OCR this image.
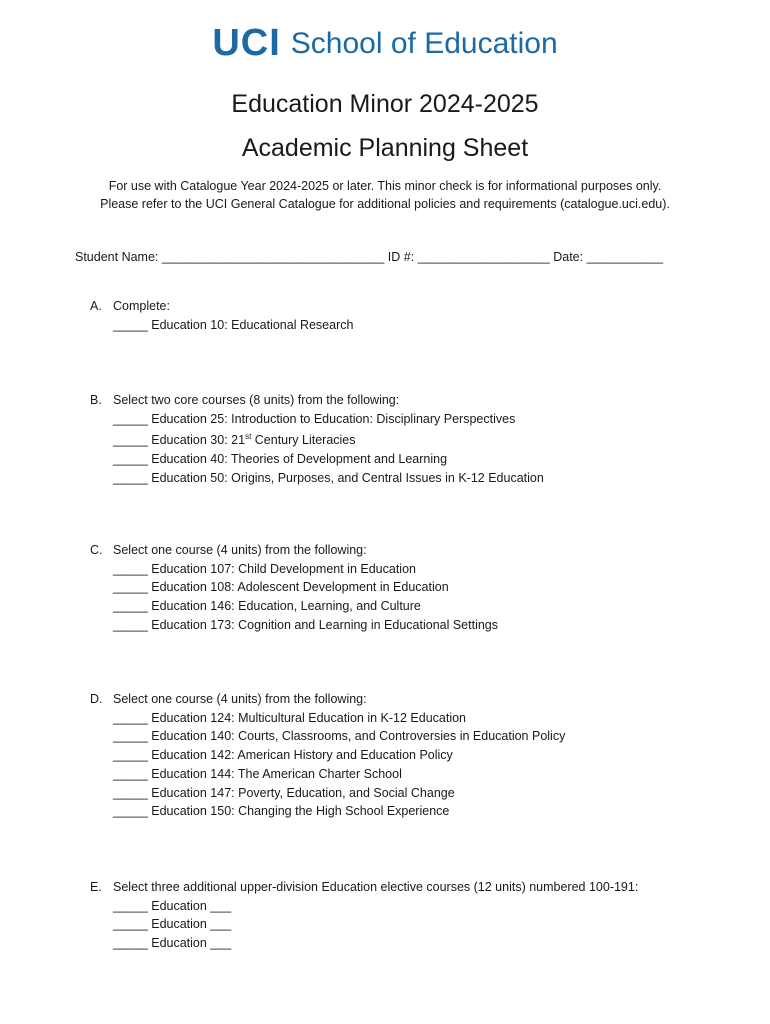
UCI School of Education
Education Minor 2024-2025
Academic Planning Sheet
For use with Catalogue Year 2024-2025 or later. This minor check is for informational purposes only.
Please refer to the UCI General Catalogue for additional policies and requirements (catalogue.uci.edu).
Student Name: ________________________________ ID #: ___________________ Date: ___________
A. Complete:
_____ Education 10: Educational Research
B. Select two core courses (8 units) from the following:
_____ Education 25: Introduction to Education: Disciplinary Perspectives
_____ Education 30: 21st Century Literacies
_____ Education 40: Theories of Development and Learning
_____ Education 50: Origins, Purposes, and Central Issues in K-12 Education
C. Select one course (4 units) from the following:
_____ Education 107: Child Development in Education
_____ Education 108: Adolescent Development in Education
_____ Education 146: Education, Learning, and Culture
_____ Education 173: Cognition and Learning in Educational Settings
D. Select one course (4 units) from the following:
_____ Education 124: Multicultural Education in K-12 Education
_____ Education 140: Courts, Classrooms, and Controversies in Education Policy
_____ Education 142: American History and Education Policy
_____ Education 144: The American Charter School
_____ Education 147: Poverty, Education, and Social Change
_____ Education 150: Changing the High School Experience
E. Select three additional upper-division Education elective courses (12 units) numbered 100-191:
_____ Education ___
_____ Education ___
_____ Education ___
